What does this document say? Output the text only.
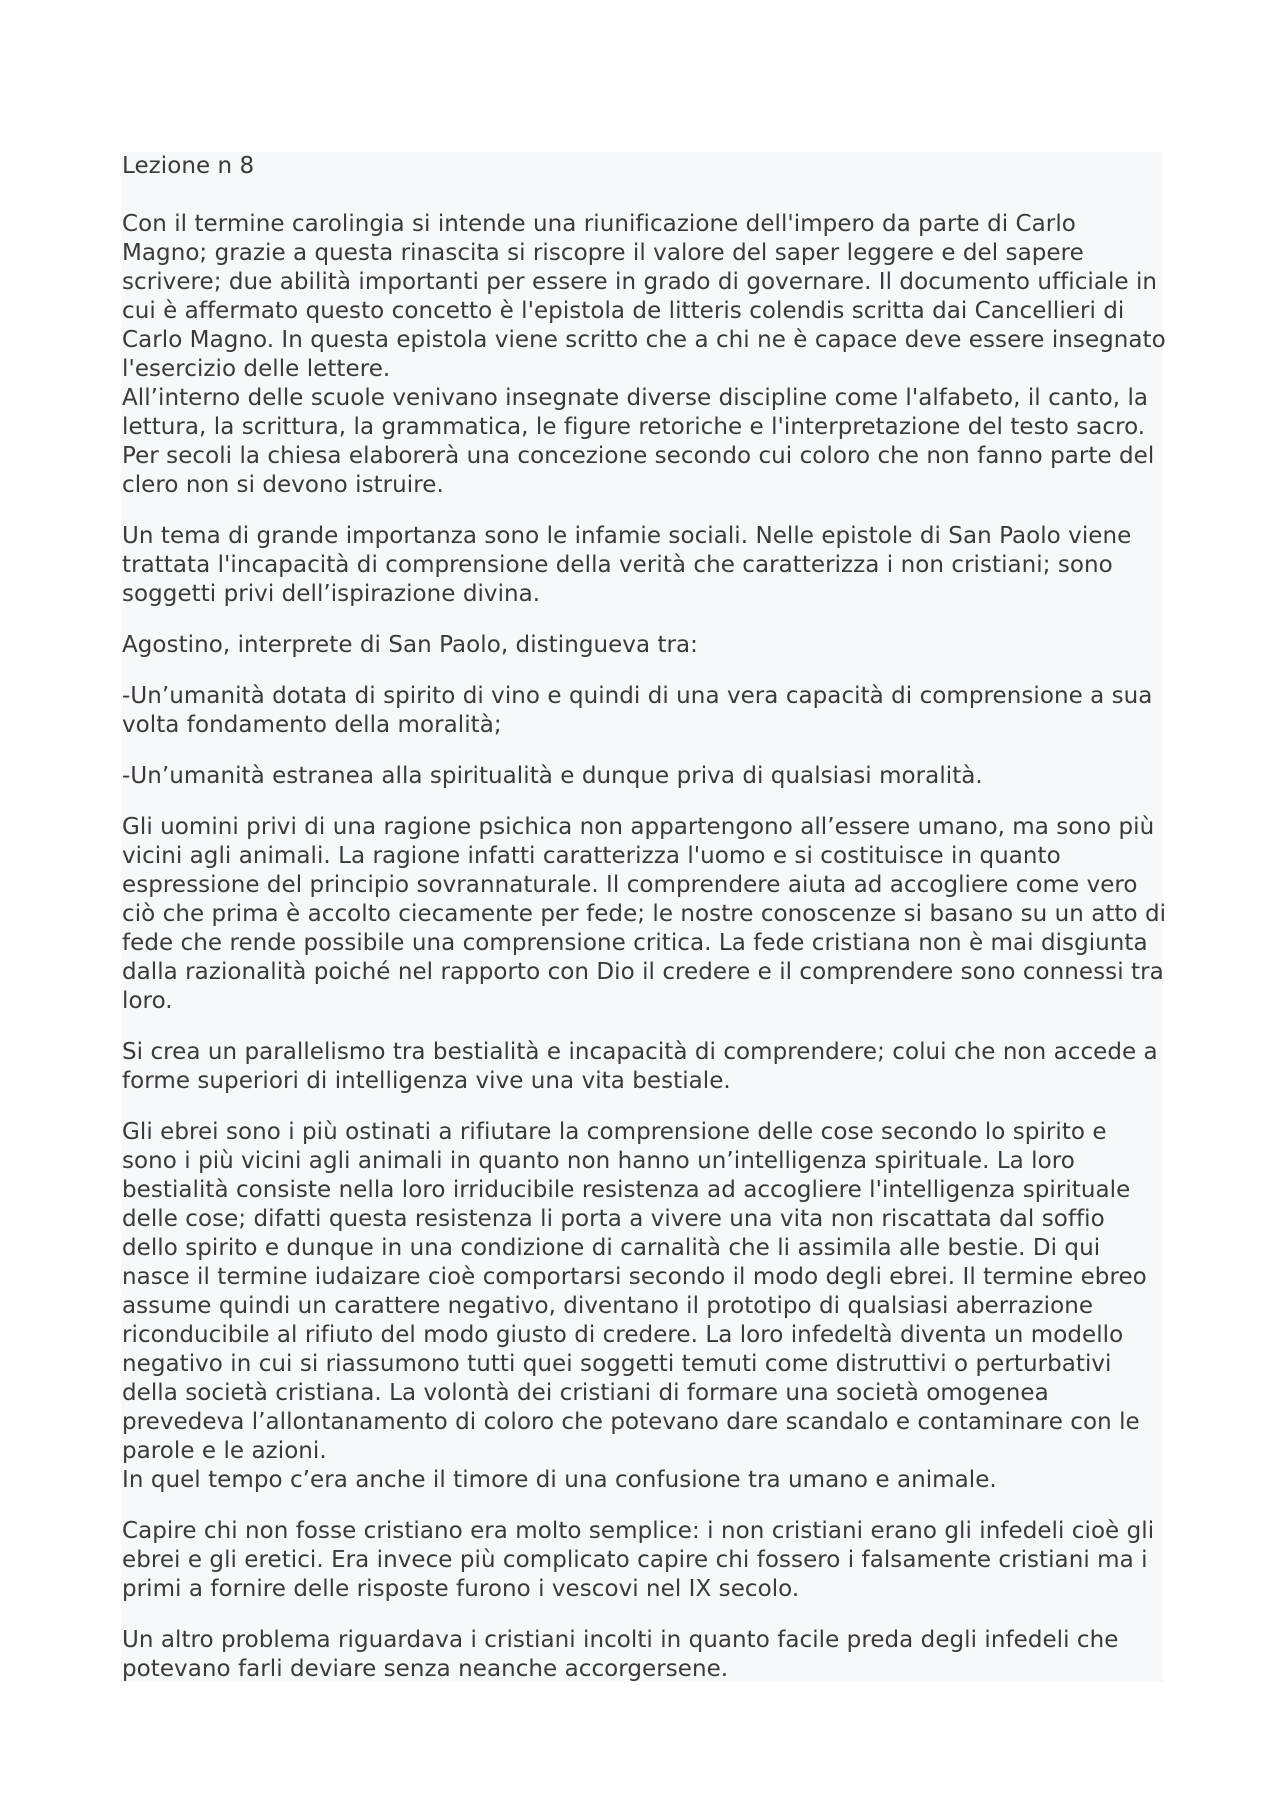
Lezione n 8

Con il termine carolingia si intende una riunificazione dell'impero da parte di Carlo Magno; grazie a questa rinascita si riscopre il valore del saper leggere e del sapere scrivere; due abilità importanti per essere in grado di governare. Il documento ufficiale in cui è affermato questo concetto è l'epistola de litteris colendis scritta dai Cancellieri di Carlo Magno. In questa epistola viene scritto che a chi ne è capace deve essere insegnato l'esercizio delle lettere.
All’interno delle scuole venivano insegnate diverse discipline come l'alfabeto, il canto, la lettura, la scrittura, la grammatica, le figure retoriche e l'interpretazione del testo sacro. Per secoli la chiesa elaborerà una concezione secondo cui coloro che non fanno parte del clero non si devono istruire.

Un tema di grande importanza sono le infamie sociali. Nelle epistole di San Paolo viene trattata l'incapacità di comprensione della verità che caratterizza i non cristiani; sono soggetti privi dell’ispirazione divina.

Agostino, interprete di San Paolo, distingueva tra:

-Un’umanità dotata di spirito di vino e quindi di una vera capacità di comprensione a sua volta fondamento della moralità;

-Un’umanità estranea alla spiritualità e dunque priva di qualsiasi moralità.

Gli uomini privi di una ragione psichica non appartengono all’essere umano, ma sono più vicini agli animali. La ragione infatti caratterizza l'uomo e si costituisce in quanto espressione del principio sovrannaturale. Il comprendere aiuta ad accogliere come vero ciò che prima è accolto ciecamente per fede; le nostre conoscenze si basano su un atto di fede che rende possibile una comprensione critica. La fede cristiana non è mai disgiunta dalla razionalità poiché nel rapporto con Dio il credere e il comprendere sono connessi tra loro.

Si crea un parallelismo tra bestialità e incapacità di comprendere; colui che non accede a forme superiori di intelligenza vive una vita bestiale.

Gli ebrei sono i più ostinati a rifiutare la comprensione delle cose secondo lo spirito e sono i più vicini agli animali in quanto non hanno un’intelligenza spirituale. La loro bestialità consiste nella loro irriducibile resistenza ad accogliere l'intelligenza spirituale delle cose; difatti questa resistenza li porta a vivere una vita non riscattata dal soffio dello spirito e dunque in una condizione di carnalità che li assimila alle bestie. Di qui nasce il termine iudaizare cioè comportarsi secondo il modo degli ebrei. Il termine ebreo assume quindi un carattere negativo, diventano il prototipo di qualsiasi aberrazione riconducibile al rifiuto del modo giusto di credere. La loro infedeltà diventa un modello negativo in cui si riassumono tutti quei soggetti temuti come distruttivi o perturbativi della società cristiana. La volontà dei cristiani di formare una società omogenea prevedeva l’allontanamento di coloro che potevano dare scandalo e contaminare con le parole e le azioni.
In quel tempo c’era anche il timore di una confusione tra umano e animale.

Capire chi non fosse cristiano era molto semplice: i non cristiani erano gli infedeli cioè gli ebrei e gli eretici. Era invece più complicato capire chi fossero i falsamente cristiani ma i primi a fornire delle risposte furono i vescovi nel IX secolo.

Un altro problema riguardava i cristiani incolti in quanto facile preda degli infedeli che potevano farli deviare senza neanche accorgersene.
